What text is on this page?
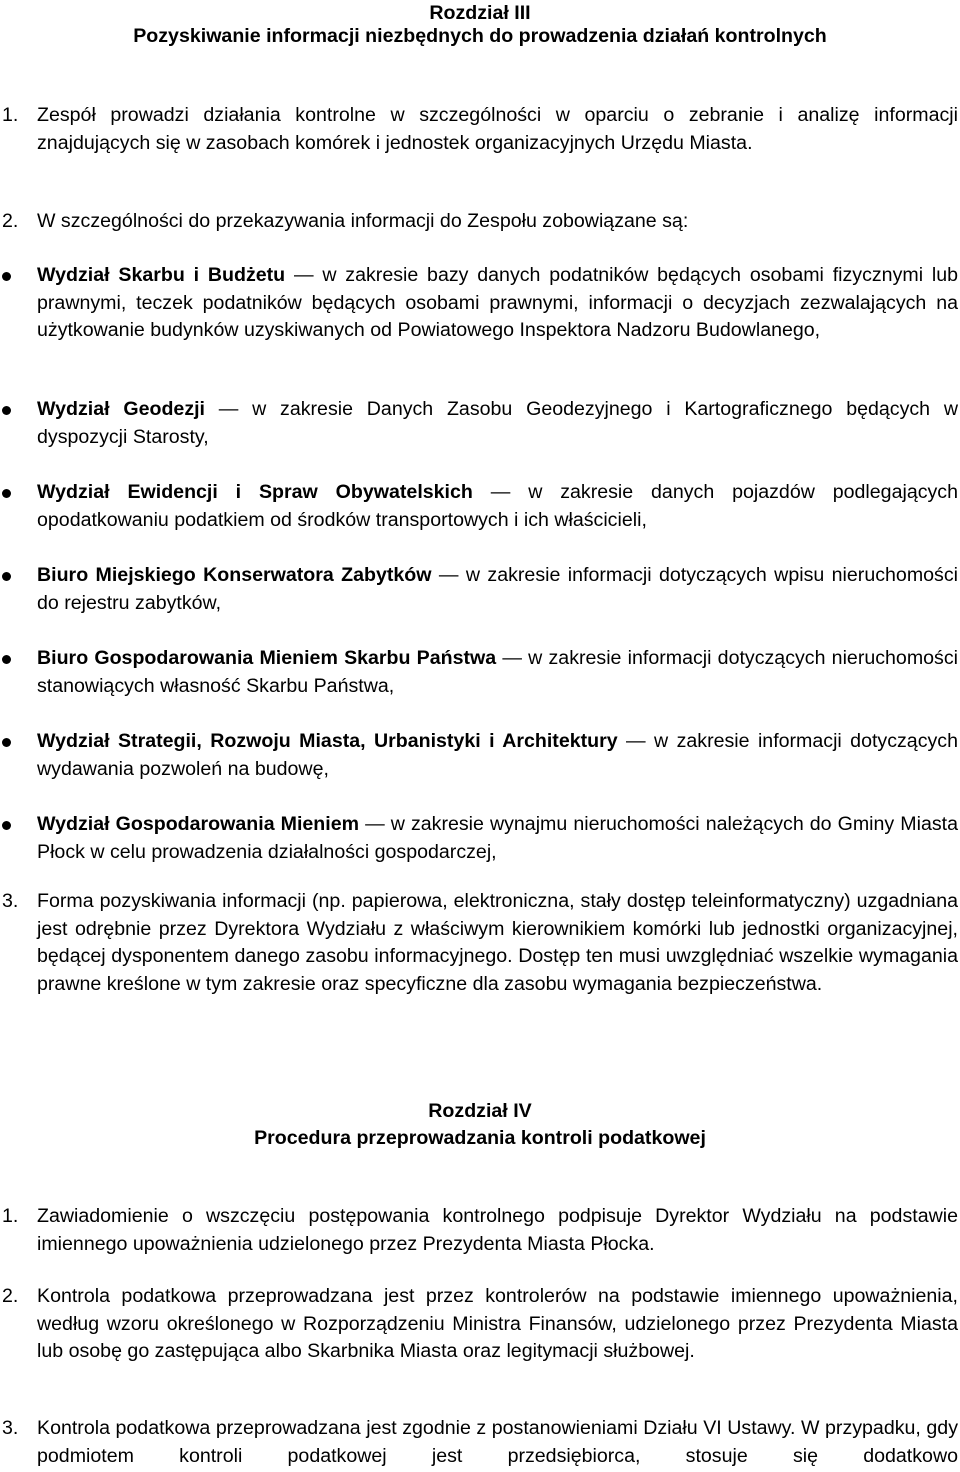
Rozdział III
Pozyskiwanie informacji niezbędnych do prowadzenia działań kontrolnych
1. Zespół prowadzi działania kontrolne w szczególności w oparciu o zebranie i analizę informacji znajdujących się w zasobach komórek i jednostek organizacyjnych Urzędu Miasta.
2. W szczególności do przekazywania informacji do Zespołu zobowiązane są:
Wydział Skarbu i Budżetu — w zakresie bazy danych podatników będących osobami fizycznymi lub prawnymi, teczek podatników będących osobami prawnymi, informacji o decyzjach zezwalających na użytkowanie budynków uzyskiwanych od Powiatowego Inspektora Nadzoru Budowlanego,
Wydział Geodezji — w zakresie Danych Zasobu Geodezyjnego i Kartograficznego będących w dyspozycji Starosty,
Wydział Ewidencji i Spraw Obywatelskich — w zakresie danych pojazdów podlegających opodatkowaniu podatkiem od środków transportowych i ich właścicieli,
Biuro Miejskiego Konserwatora Zabytków — w zakresie informacji dotyczących wpisu nieruchomości do rejestru zabytków,
Biuro Gospodarowania Mieniem Skarbu Państwa — w zakresie informacji dotyczących nieruchomości stanowiących własność Skarbu Państwa,
Wydział Strategii, Rozwoju Miasta, Urbanistyki i Architektury — w zakresie informacji dotyczących wydawania pozwoleń na budowę,
Wydział Gospodarowania Mieniem — w zakresie wynajmu nieruchomości należących do Gminy Miasta Płock w celu prowadzenia działalności gospodarczej,
3. Forma pozyskiwania informacji (np. papierowa, elektroniczna, stały dostęp teleinformatyczny) uzgadniana jest odrębnie przez Dyrektora Wydziału z właściwym kierownikiem komórki lub jednostki organizacyjnej, będącej dysponentem danego zasobu informacyjnego. Dostęp ten musi uwzględniać wszelkie wymagania prawne kreślone w tym zakresie oraz specyficzne dla zasobu wymagania bezpieczeństwa.
Rozdział IV
Procedura przeprowadzania kontroli podatkowej
1. Zawiadomienie o wszczęciu postępowania kontrolnego podpisuje Dyrektor Wydziału na podstawie imiennego upoważnienia udzielonego przez Prezydenta Miasta Płocka.
2. Kontrola podatkowa przeprowadzana jest przez kontrolerów na podstawie imiennego upoważnienia, według wzoru określonego w Rozporządzeniu Ministra Finansów, udzielonego przez Prezydenta Miasta lub osobę go zastępująca albo Skarbnika Miasta oraz legitymacji służbowej.
3. Kontrola podatkowa przeprowadzana jest zgodnie z postanowieniami Działu VI Ustawy. W przypadku, gdy podmiotem kontroli podatkowej jest przedsiębiorca, stosuje się dodatkowo
